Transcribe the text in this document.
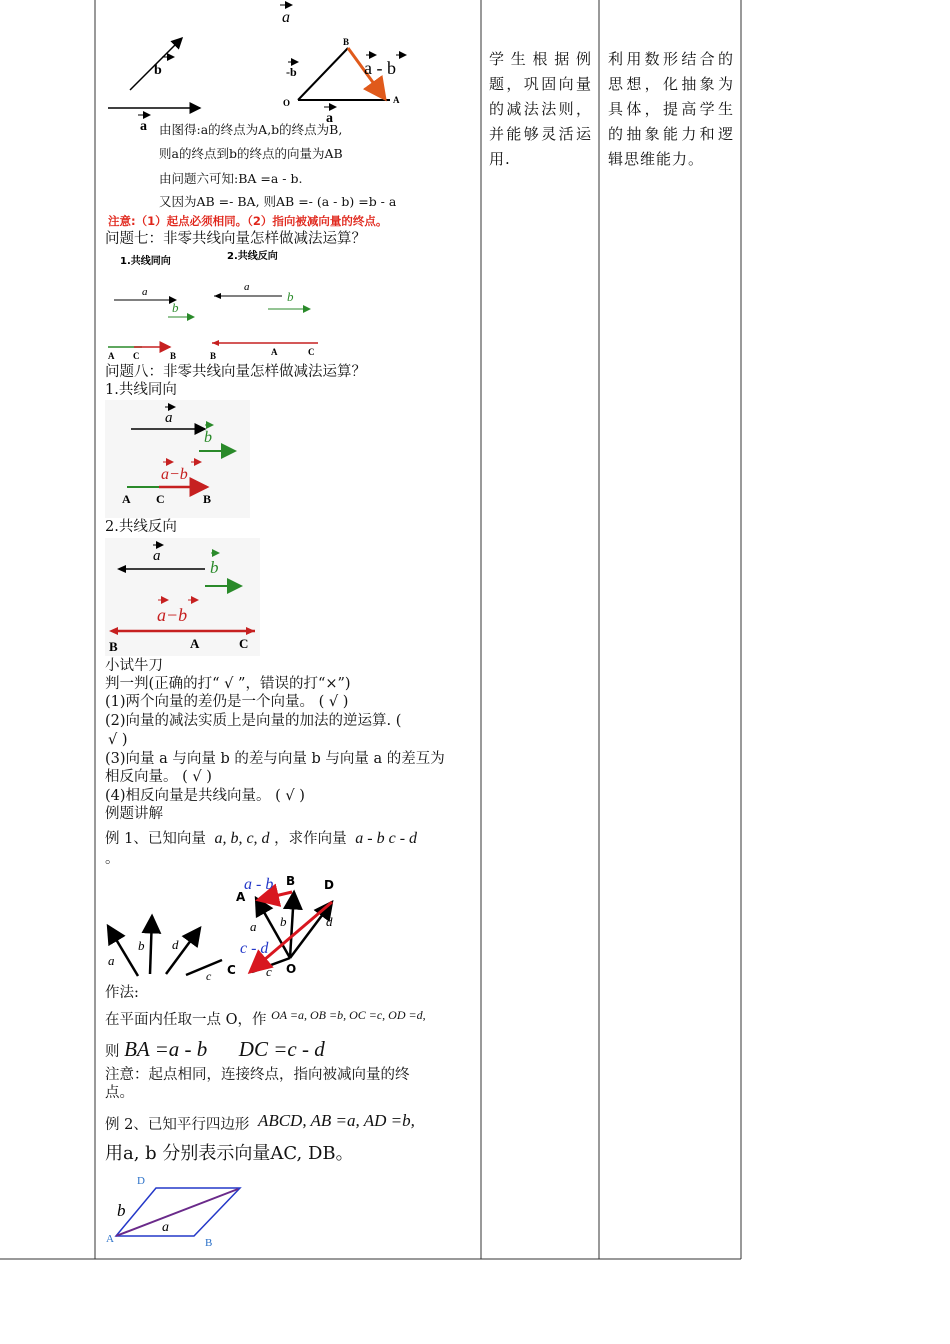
a
b
a
B
O	A
-b	a - b
a
由图得:a的终点为A,b的终点为B,
则a的终点到b的终点的向量为AB
由问题六可知:BA =a - b.
又因为AB =- BA, 则AB =- (a - b) =b - a
注意:（1）起点必须相同。（2）指向被减向量的终点。
问题七：非零共线向量怎样做减法运算？
1.共线同向	2.共线反向
a
b
a
b
A C	B	B	A	C
问题八：非零共线向量怎样做减法运算？
1.共线同向
a
b
a−b
A C	B
2.共线反向
a
b
a−b
B	A	C
小试牛刀
判一判(正确的打“ √ ”，错误的打“×”)
(1)两个向量的差仍是一个向量。 ( √ )
(2)向量的减法实质上是向量的加法的逆运算. (
√ )
(3)向量 a 与向量 b 的差与向量 b 与向量 a 的差互为
相反向量。 ( √ )
(4)相反向量是共线向量。 ( √ )
例题讲解
例 1、已知向量 a, b, c, d ，求作向量 a - b c - d
。
a
b d
c
a - b
c - d
B D
A
C	O
a b	d
c
作法:
在平面内任取一点 O，作 $^{OA =a, OB =b, OC =c, OD =d,}$
则 BA =a - b      DC =c - d
注意：起点相同，连接终点，指向被减向量的终
点。
例 2、已知平行四边形 ABCD, AB =a, AD =b,
用a, b 分别表示向量AC, DB。
D
A	B
a
b
学生根据例题，巩固向量的减法法则，并能够灵活运用.
利用数形结合的思想，化抽象为具体，提高学生的抽象能力和逻辑思维能力。
